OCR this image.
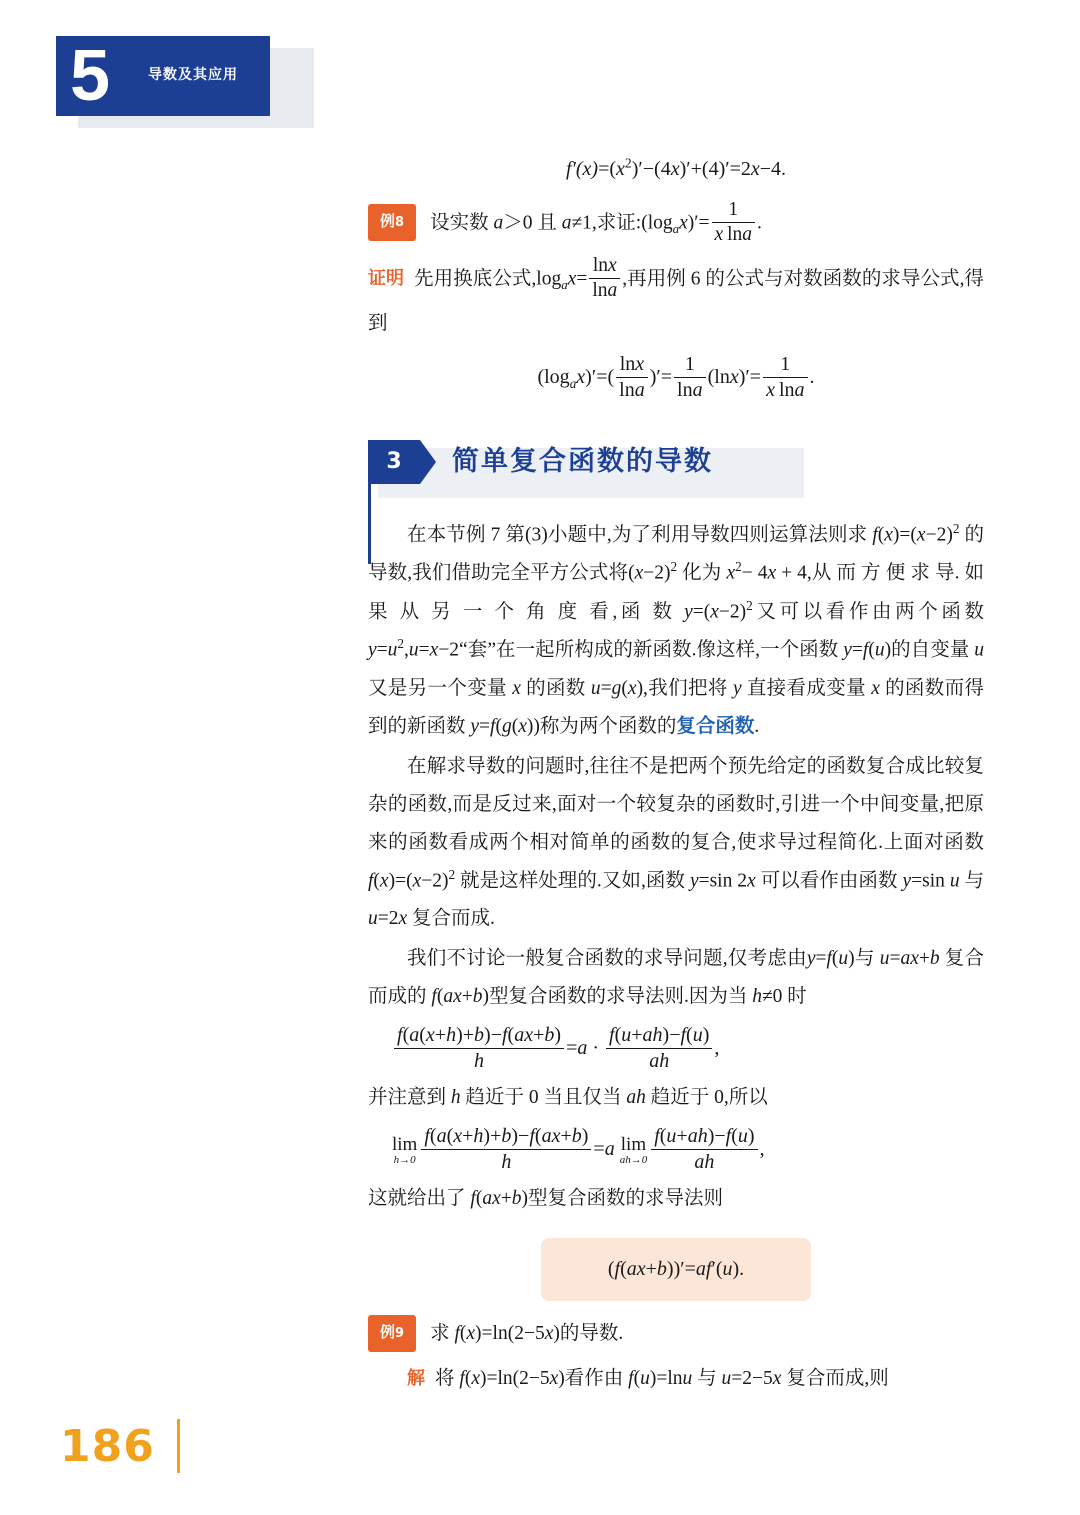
5	导数及其应用
$f'(x)=(x^2)'-(4x)'+(4)'=2x-4$.
例8	设实数 a＞0 且 a≠1,求证$:(\log_ax)'= \frac{1}{\text{x  lna}}$ .

证明 先用换底公式$,\log_ax= \frac{\ln x}{\ln a}$ ,再用例 6 的公式与对数函数的求导公式,得到

$(\log_ax)'=( \frac{\ln x}{\ln a}$ )′= $\frac{1}{\ln a} (\ln x)'= \frac{1}{\text{x  lna}}$ .
3	简单复合函数的导数

在本节例 7 第(3)小题中,为了利用导数四则运算法则求 $f(x)=(x-2)^2$ 的导数,我们借助完全平方公式将$(x-2)^2$ 化为 $x^2- 4x + 4$,从 而 方 便 求 导. 如 果 从 另 一 个 角 度 看,函 数 $y=(x-2)^2$又可以看作由两个函数 $y=u^2,u=x-2“$套”在一起所构成的新函数.像这样,一个函数 y=f(u)的自变量 u 又是另一个变量 x 的函数 u=g(x),我们把将 y 直接看成变量 x 的函数而得到的新函数 y=f(g(x))称为两个函数的复合函数.

在解求导数的问题时,往往不是把两个预先给定的函数复合成比较复杂的函数,而是反过来,面对一个较复杂的函数时,引进一个中间变量,把原来的函数看成两个相对简单的函数的复合,使求导过程简化.上面对函数 $f(x)=(x-2)^2$ 就是这样处理的.又如,函数 y=sin 2x 可以看作由函数 y=sin u 与 u=2x 复合而成.

我们不讨论一般复合函数的求导问题,仅考虑由y=f(u)与 u=ax+b 复合而成的 f(ax+b)型复合函数的求导法则.因为当 h≠0 时

$\frac{f(a(x+h)+b)-f(ax+b)}{h} =a \cdot \frac{f(u+ah)-f(u)}{ah}$ ,

并注意到 h 趋近于 0 当且仅当 ah 趋近于 0,所以

lim
$h\to 0 \frac{f(a(x+h)+b)-f(ax+b)}{h} =a$ lim
$ah\to 0 \frac{f(u+ah)-f(u)}{ah}$ ,

这就给出了 f(ax+b)型复合函数的求导法则

(f(ax+b))′=af′(u).
例9	求 f(x)=ln(2−5x)的导数.

解 将 f(x)=ln(2−5x)看作由 f(u)=lnu 与 u=2−5x 复合而成,则

186
